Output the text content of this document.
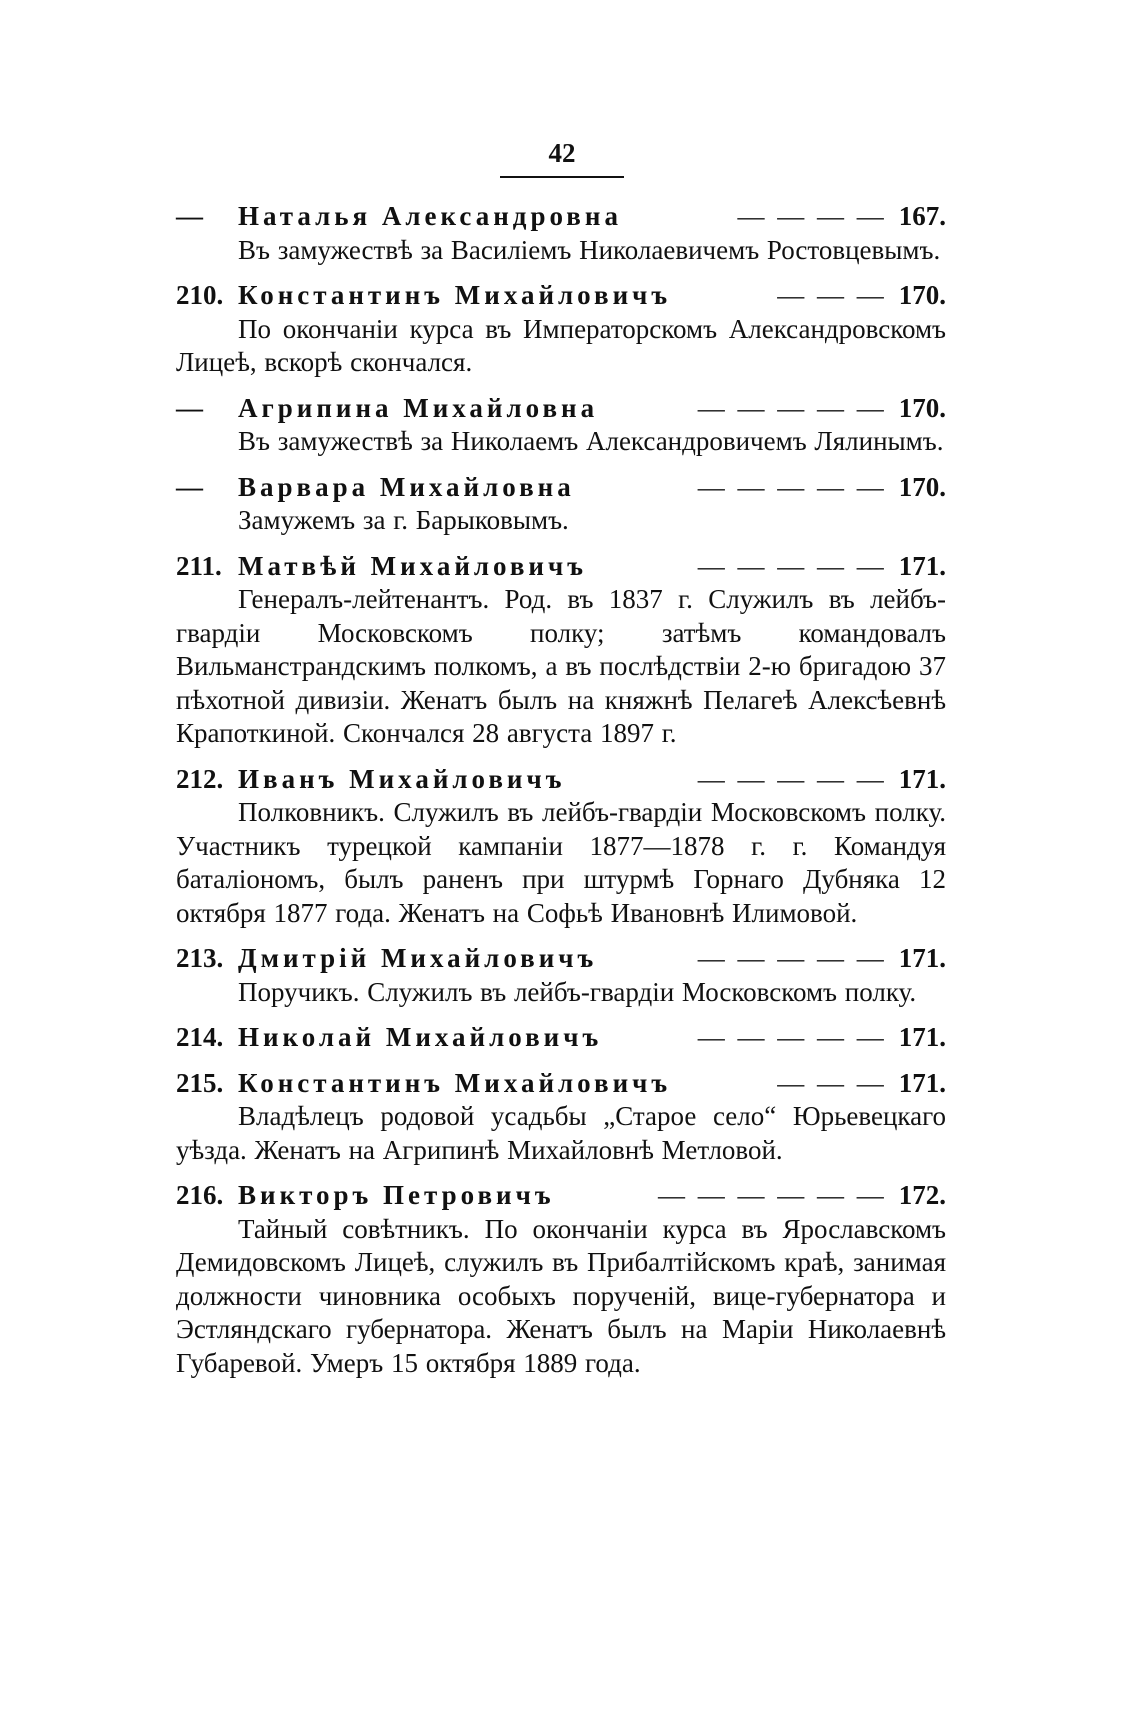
42
—	Наталья Александровна	— — — — 167.
Въ замужествѣ за Василіемъ Николаевичемъ Ростовцевымъ.
210. Константинъ Михайловичъ	— — — 170.
По окончаніи курса въ Императорскомъ Александровскомъ Лицеѣ, вскорѣ скончался.
—	Агрипина Михайловна	— — — — — 170.
Въ замужествѣ за Николаемъ Александровичемъ Лялинымъ.
—	Варвара Михайловна	— — — — — 170.
Замужемъ за г. Барыковымъ.
211. Матвѣй Михайловичъ	— — — — — 171.
Генералъ-лейтенантъ. Род. въ 1837 г. Служилъ въ лейбъ-гвардіи Московскомъ полку; затѣмъ командовалъ Вильманстрандскимъ полкомъ, а въ послѣдствіи 2-ю бригадою 37 пѣхотной дивизіи. Женатъ былъ на княжнѣ Пелагеѣ Алексѣевнѣ Крапоткиной. Скончался 28 августа 1897 г.
212. Иванъ Михайловичъ	— — — — — 171.
Полковникъ. Служилъ въ лейбъ-гвардіи Московскомъ полку. Участникъ турецкой кампаніи 1877—1878 г. г. Командуя баталіономъ, былъ раненъ при штурмѣ Горнаго Дубняка 12 октября 1877 года. Женатъ на Софьѣ Ивановнѣ Илимовой.
213. Дмитрій Михайловичъ	— — — — — 171.
Поручикъ. Служилъ въ лейбъ-гвардіи Московскомъ полку.
214. Николай Михайловичъ	— — — — — 171.
215. Константинъ Михайловичъ	— — — 171.
Владѣлецъ родовой усадьбы „Старое село“ Юрьевецкаго уѣзда. Женатъ на Агрипинѣ Михайловнѣ Метловой.
216. Викторъ Петровичъ	— — — — — — 172.
Тайный совѣтникъ. По окончаніи курса въ Ярославскомъ Демидовскомъ Лицеѣ, служилъ въ Прибалтійскомъ краѣ, занимая должности чиновника особыхъ порученій, вице-губернатора и Эстляндскаго губернатора. Женатъ былъ на Маріи Николаевнѣ Губаревой. Умеръ 15 октября 1889 года.
